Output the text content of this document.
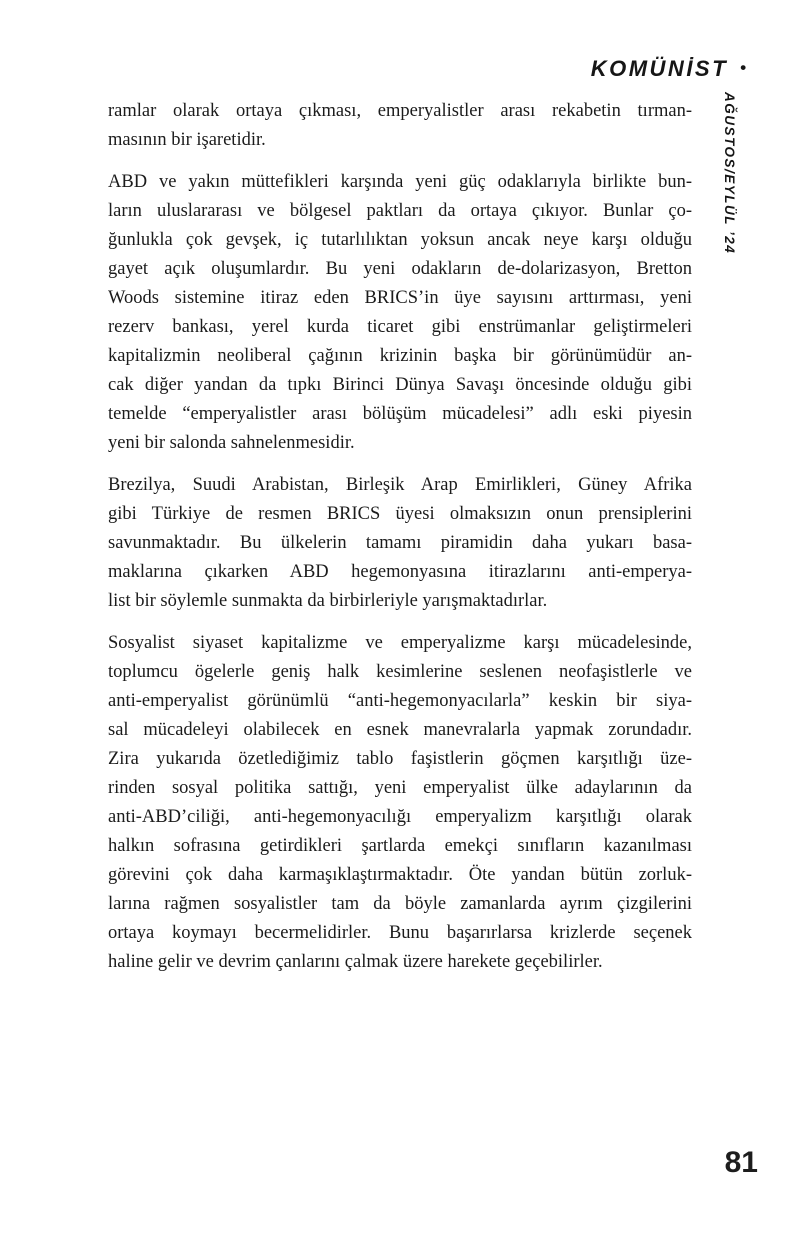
KOMÜNİST •
AĞUSTOS/EYLÜL ’24
ramlar olarak ortaya çıkması, emperyalistler arası rekabetin tırman-
masının bir işaretidir.
ABD ve yakın müttefikleri karşında yeni güç odaklarıyla birlikte bun-
ların uluslararası ve bölgesel paktları da ortaya çıkıyor. Bunlar ço-
ğunlukla çok gevşek, iç tutarlılıktan yoksun ancak neye karşı olduğu
gayet açık oluşumlardır. Bu yeni odakların de-dolarizasyon, Bretton
Woods sistemine itiraz eden BRICS’in üye sayısını arttırması, yeni
rezerv bankası, yerel kurda ticaret gibi enstrümanlar geliştirmeleri
kapitalizmin neoliberal çağının krizinin başka bir görünümüdür an-
cak diğer yandan da tıpkı Birinci Dünya Savaşı öncesinde olduğu gibi
temelde “emperyalistler arası bölüşüm mücadelesi” adlı eski piyesin
yeni bir salonda sahnelenmesidir.
Brezilya, Suudi Arabistan, Birleşik Arap Emirlikleri, Güney Afrika
gibi Türkiye de resmen BRICS üyesi olmaksızın onun prensiplerini
savunmaktadır. Bu ülkelerin tamamı piramidin daha yukarı basa-
maklarına çıkarken ABD hegemonyasına itirazlarını anti-emperya-
list bir söylemle sunmakta da birbirleriyle yarışmaktadırlar.
Sosyalist siyaset kapitalizme ve emperyalizme karşı mücadelesinde,
toplumcu ögelerle geniş halk kesimlerine seslenen neofaşistlerle ve
anti-emperyalist görünümlü “anti-hegemonyacılarla” keskin bir siya-
sal mücadeleyi olabilecek en esnek manevralarla yapmak zorundadır.
Zira yukarıda özetlediğimiz tablo faşistlerin göçmen karşıtlığı üze-
rinden sosyal politika sattığı, yeni emperyalist ülke adaylarının da
anti-ABD’ciliği, anti-hegemonyacılığı emperyalizm karşıtlığı olarak
halkın sofrasına getirdikleri şartlarda emekçi sınıfların kazanılması
görevini çok daha karmaşıklaştırmaktadır. Öte yandan bütün zorluk-
larına rağmen sosyalistler tam da böyle zamanlarda ayrım çizgilerini
ortaya koymayı becermelidirler. Bunu başarırlarsa krizlerde seçenek
haline gelir ve devrim çanlarını çalmak üzere harekete geçebilirler.
81
